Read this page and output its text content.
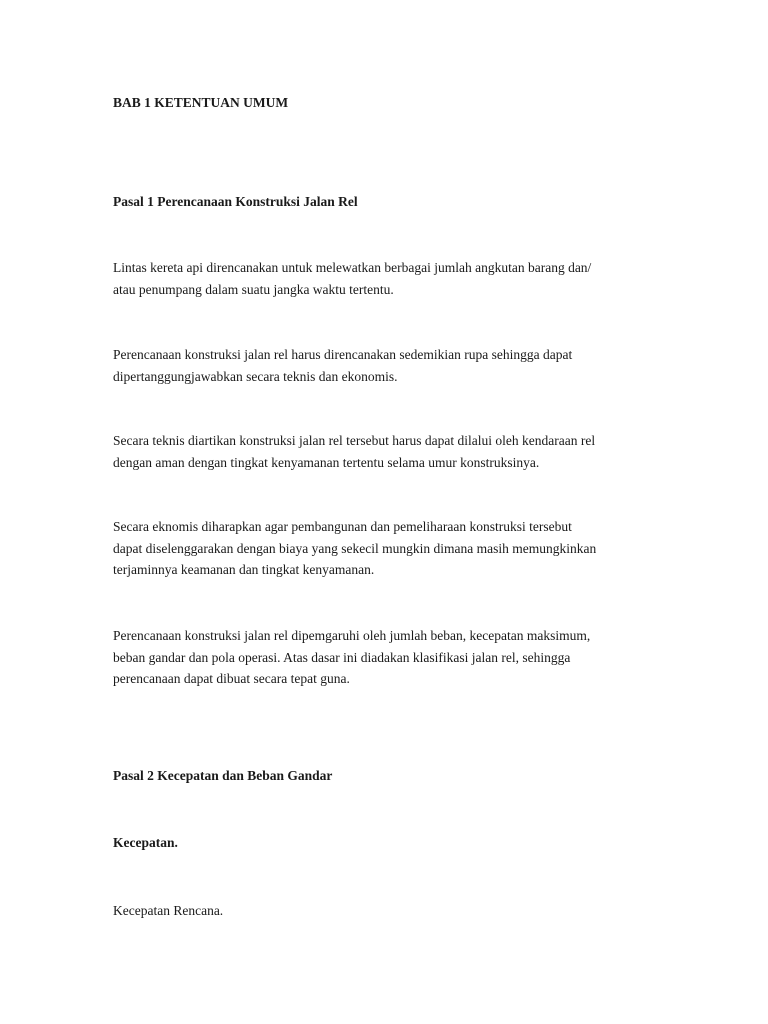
BAB 1 KETENTUAN UMUM
Pasal 1 Perencanaan Konstruksi Jalan Rel

Lintas kereta api direncanakan untuk melewatkan berbagai jumlah angkutan barang dan/
atau penumpang dalam suatu jangka waktu tertentu.

Perencanaan konstruksi jalan rel harus direncanakan sedemikian rupa sehingga dapat
dipertanggungjawabkan secara teknis dan ekonomis.

Secara teknis diartikan konstruksi jalan rel tersebut harus dapat dilalui oleh kendaraan rel
dengan aman dengan tingkat kenyamanan tertentu selama umur konstruksinya.

Secara eknomis diharapkan agar pembangunan dan pemeliharaan konstruksi tersebut
dapat diselenggarakan dengan biaya yang sekecil mungkin dimana masih memungkinkan
terjaminnya keamanan dan tingkat kenyamanan.

Perencanaan konstruksi jalan rel dipemgaruhi oleh jumlah beban, kecepatan maksimum,
beban gandar dan pola operasi. Atas dasar ini diadakan klasifikasi jalan rel, sehingga
perencanaan dapat dibuat secara tepat guna.

Pasal 2 Kecepatan dan Beban Gandar
Kecepatan.

Kecepatan Rencana.
